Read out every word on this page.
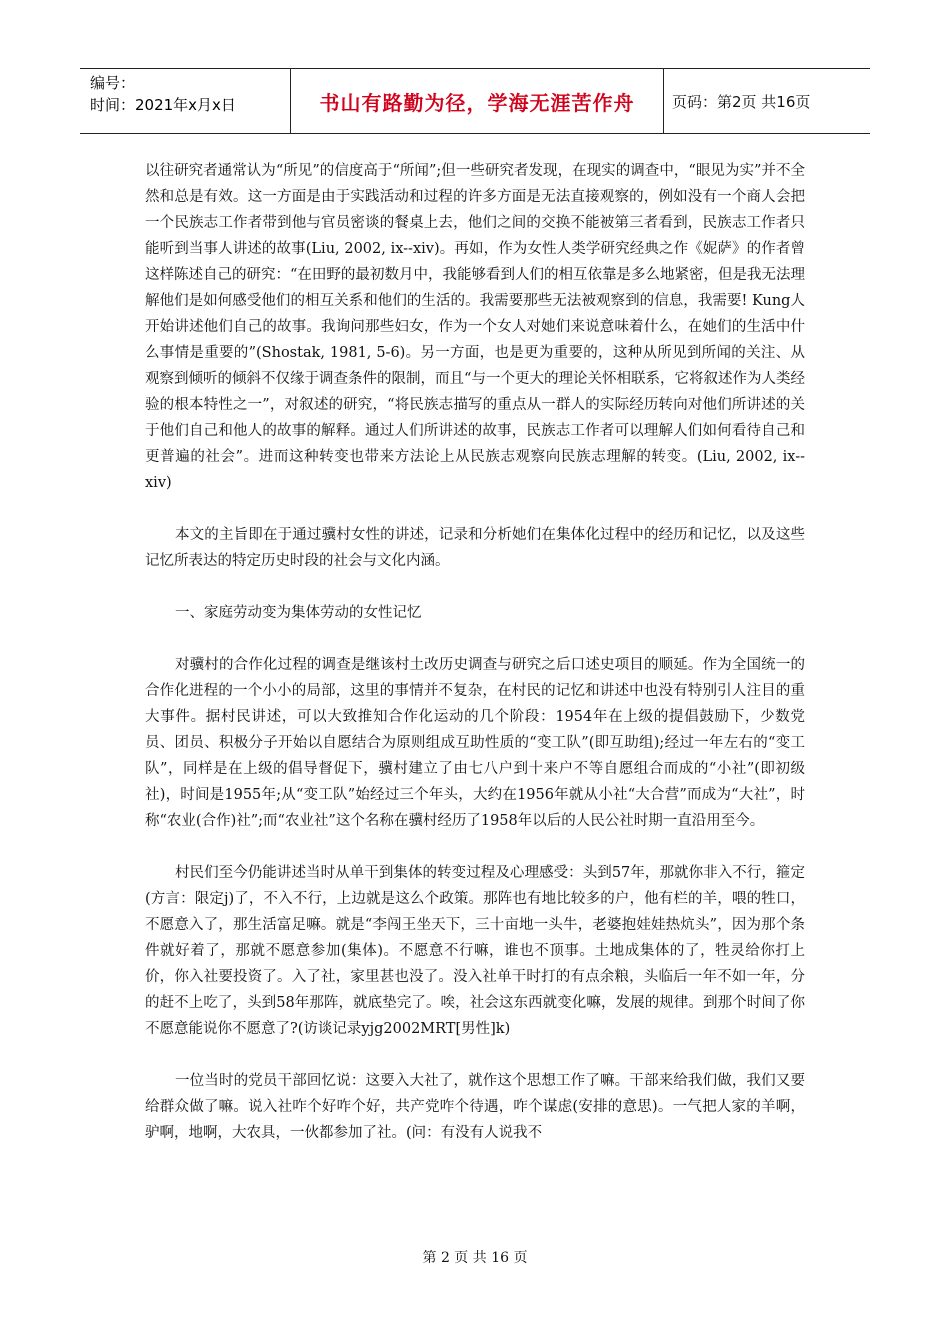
编号：
时间：2021年x月x日	书山有路勤为径，学海无涯苦作舟	页码：第2页 共16页

以往研究者通常认为“所见”的信度高于“所闻”;但一些研究者发现，在现实的调查中，“眼见为实”并不全然和总是有效。这一方面是由于实践活动和过程的许多方面是无法直接观察的，例如没有一个商人会把一个民族志工作者带到他与官员密谈的餐桌上去，他们之间的交换不能被第三者看到，民族志工作者只能听到当事人讲述的故事(Liu, 2002, ix--xiv)。再如，作为女性人类学研究经典之作《妮萨》的作者曾这样陈述自己的研究：“在田野的最初数月中，我能够看到人们的相互依靠是多么地紧密，但是我无法理解他们是如何感受他们的相互关系和他们的生活的。我需要那些无法被观察到的信息，我需要! Kung人开始讲述他们自己的故事。我询问那些妇女，作为一个女人对她们来说意味着什么，在她们的生活中什么事情是重要的”(Shostak, 1981, 5-6)。另一方面，也是更为重要的，这种从所见到所闻的关注、从观察到倾听的倾斜不仅缘于调查条件的限制，而且“与一个更大的理论关怀相联系，它将叙述作为人类经验的根本特性之一”，对叙述的研究，“将民族志描写的重点从一群人的实际经历转向对他们所讲述的关于他们自己和他人的故事的解释。通过人们所讲述的故事，民族志工作者可以理解人们如何看待自己和更普遍的社会”。进而这种转变也带来方法论上从民族志观察向民族志理解的转变。(Liu, 2002, ix--xiv)

本文的主旨即在于通过骥村女性的讲述，记录和分析她们在集体化过程中的经历和记忆，以及这些记忆所表达的特定历史时段的社会与文化内涵。

一、家庭劳动变为集体劳动的女性记忆

对骥村的合作化过程的调查是继该村土改历史调查与研究之后口述史项目的顺延。作为全国统一的合作化进程的一个小小的局部，这里的事情并不复杂，在村民的记忆和讲述中也没有特别引人注目的重大事件。据村民讲述，可以大致推知合作化运动的几个阶段：1954年在上级的提倡鼓励下，少数党员、团员、积极分子开始以自愿结合为原则组成互助性质的“变工队”(即互助组);经过一年左右的“变工队”，同样是在上级的倡导督促下，骥村建立了由七八户到十来户不等自愿组合而成的“小社”(即初级社)，时间是1955年;从“变工队”始经过三个年头，大约在1956年就从小社“大合营”而成为“大社”，时称“农业(合作)社”;而“农业社”这个名称在骥村经历了1958年以后的人民公社时期一直沿用至今。

村民们至今仍能讲述当时从单干到集体的转变过程及心理感受：头到57年，那就你非入不行，箍定(方言：限定j)了，不入不行，上边就是这么个政策。那阵也有地比较多的户，他有栏的羊，喂的牲口，不愿意入了，那生活富足嘛。就是“李闯王坐天下，三十亩地一头牛，老婆抱娃娃热炕头”，因为那个条件就好着了，那就不愿意参加(集体)。不愿意不行嘛，谁也不顶事。土地成集体的了，牲灵给你打上价，你入社要投资了。入了社，家里甚也没了。没入社单干时打的有点余粮，头临后一年不如一年，分的赶不上吃了，头到58年那阵，就底垫完了。唉，社会这东西就变化嘛，发展的规律。到那个时间了你不愿意能说你不愿意了?(访谈记录yjg2002MRT[男性]k)

一位当时的党员干部回忆说：这要入大社了，就作这个思想工作了嘛。干部来给我们做，我们又要给群众做了嘛。说入社咋个好咋个好，共产党咋个待遇，咋个谋虑(安排的意思)。一气把人家的羊啊，驴啊，地啊，大农具，一伙都参加了社。(问：有没有人说我不

第 2 页 共 16 页
